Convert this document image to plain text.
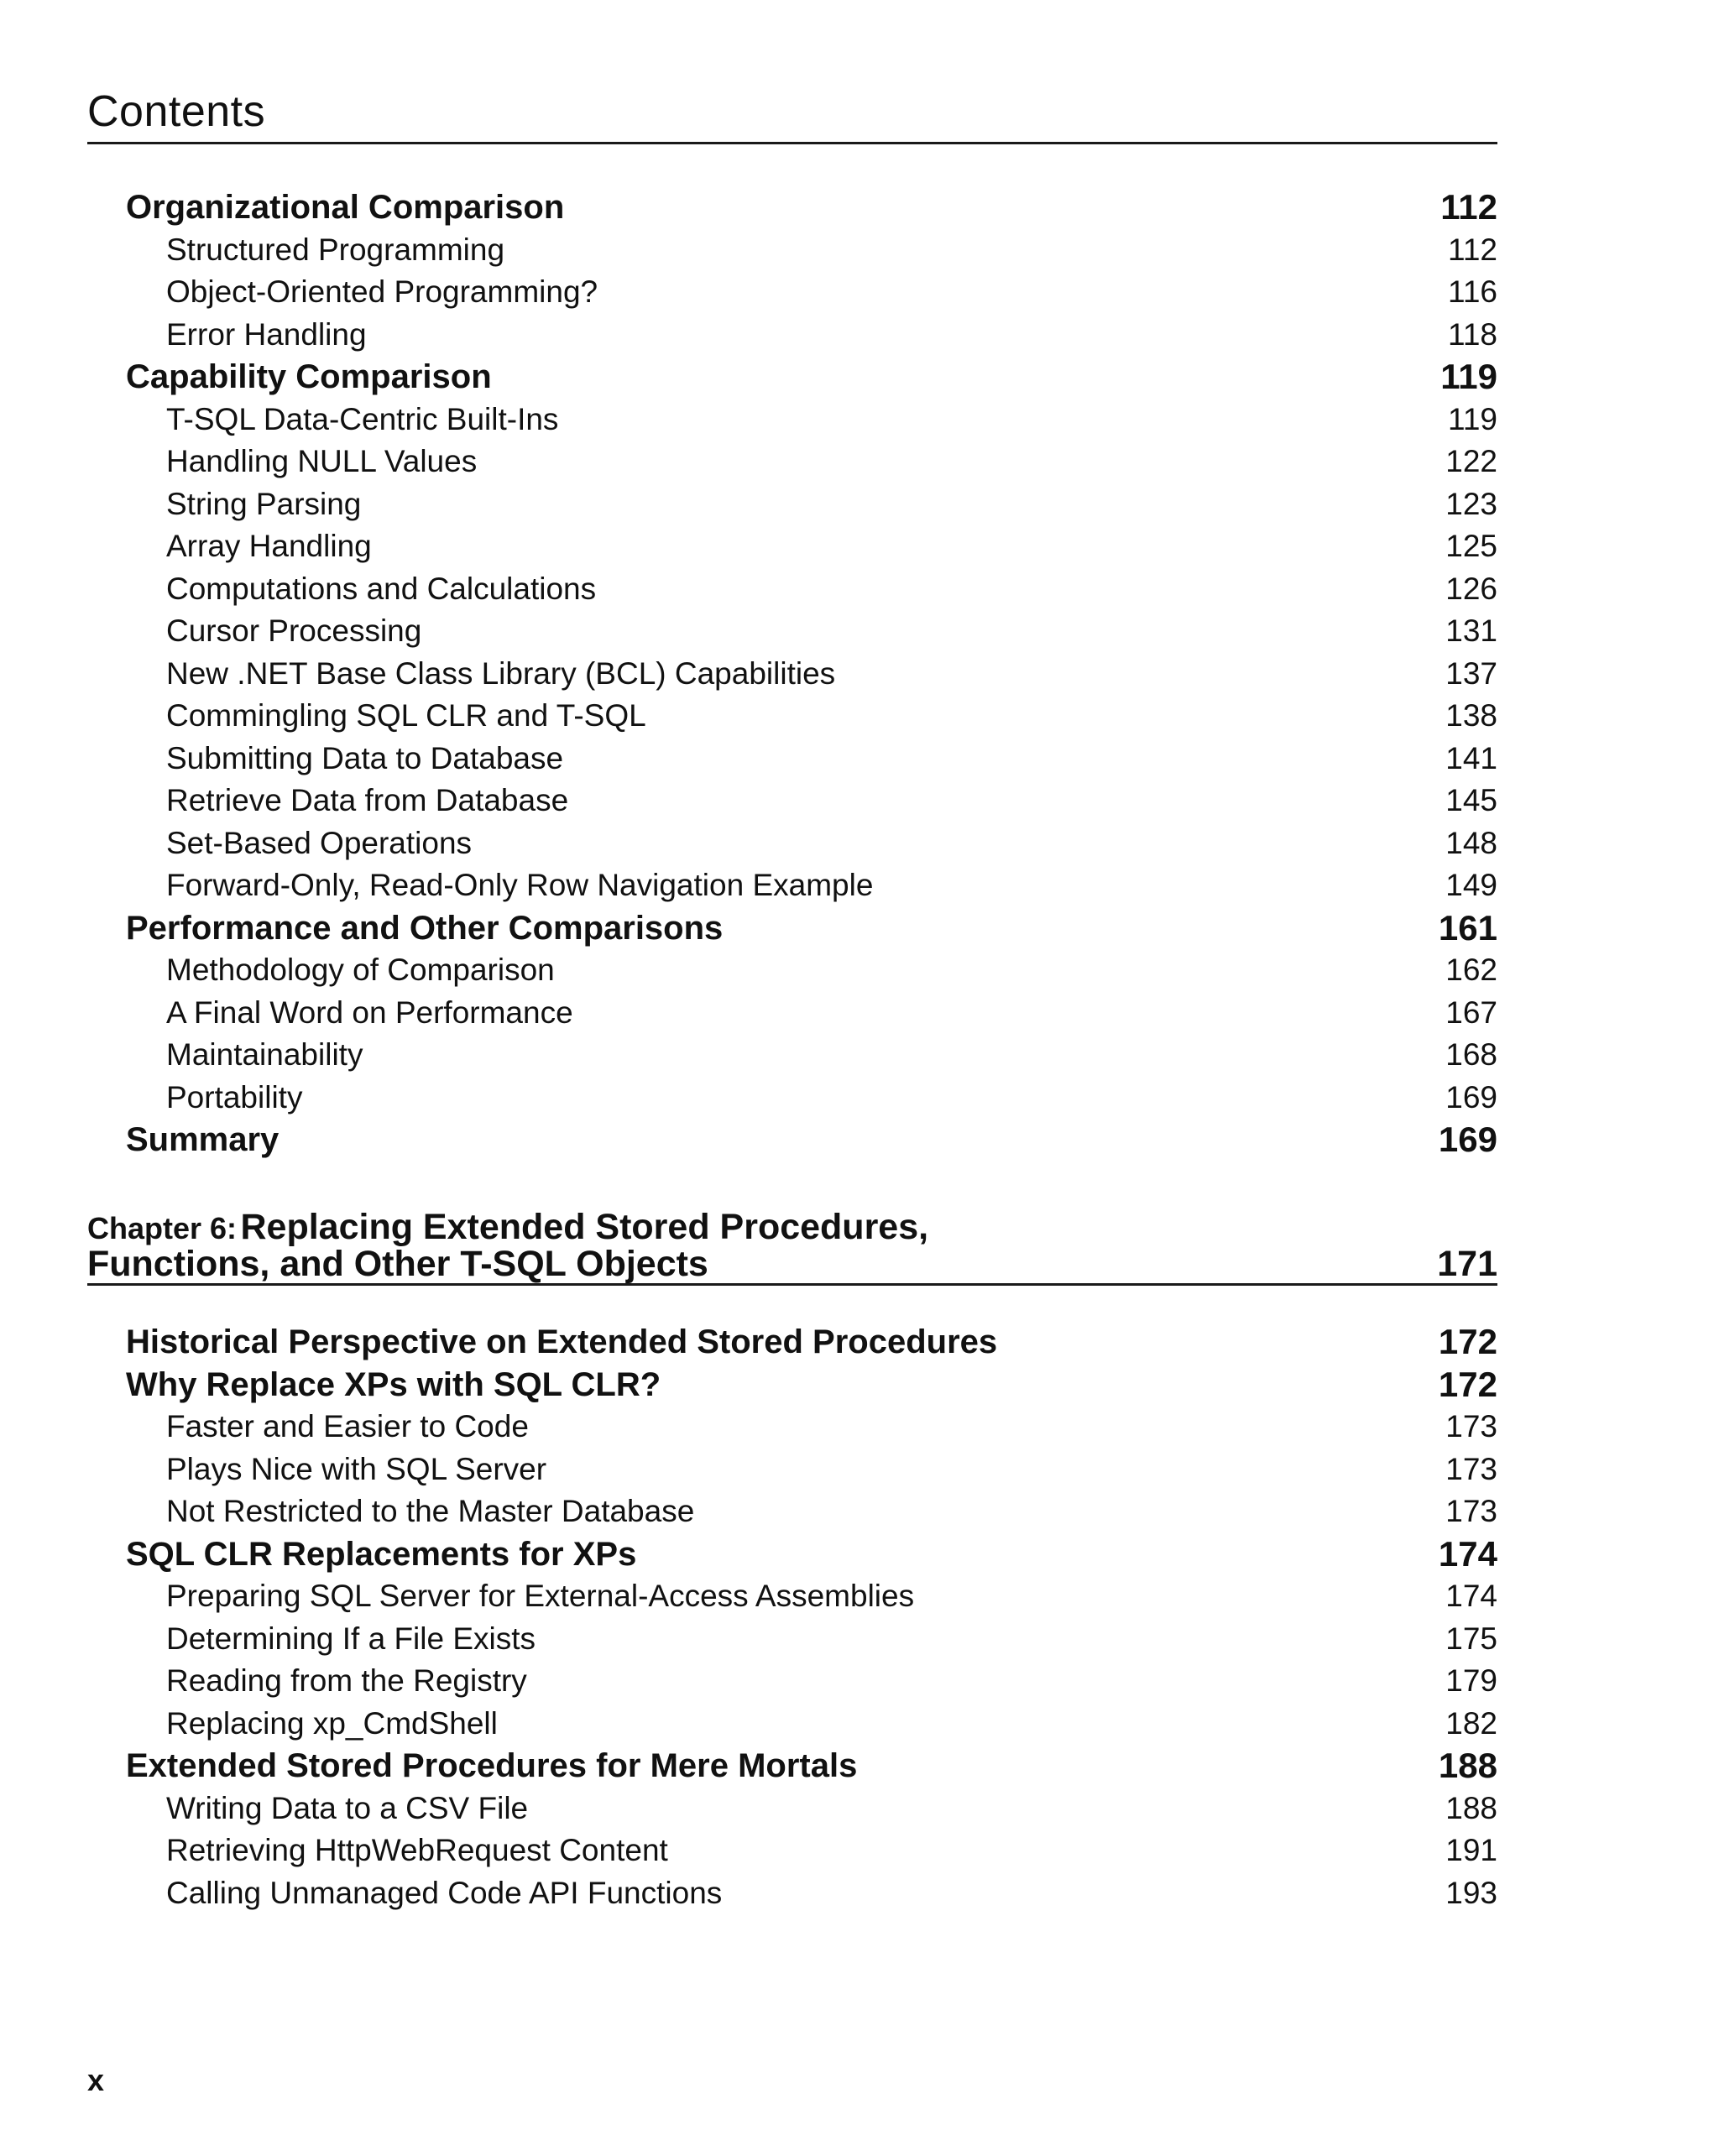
Contents
Organizational Comparison	112
Structured Programming	112
Object-Oriented Programming?	116
Error Handling	118
Capability Comparison	119
T-SQL Data-Centric Built-Ins	119
Handling NULL Values	122
String Parsing	123
Array Handling	125
Computations and Calculations	126
Cursor Processing	131
New .NET Base Class Library (BCL) Capabilities	137
Commingling SQL CLR and T-SQL	138
Submitting Data to Database	141
Retrieve Data from Database	145
Set-Based Operations	148
Forward-Only, Read-Only Row Navigation Example	149
Performance and Other Comparisons	161
Methodology of Comparison	162
A Final Word on Performance	167
Maintainability	168
Portability	169
Summary	169
Chapter 6: Replacing Extended Stored Procedures,
Functions, and Other T-SQL Objects	171
Historical Perspective on Extended Stored Procedures	172
Why Replace XPs with SQL CLR?	172
Faster and Easier to Code	173
Plays Nice with SQL Server	173
Not Restricted to the Master Database	173
SQL CLR Replacements for XPs	174
Preparing SQL Server for External-Access Assemblies	174
Determining If a File Exists	175
Reading from the Registry	179
Replacing xp_CmdShell	182
Extended Stored Procedures for Mere Mortals	188
Writing Data to a CSV File	188
Retrieving HttpWebRequest Content	191
Calling Unmanaged Code API Functions	193
x
